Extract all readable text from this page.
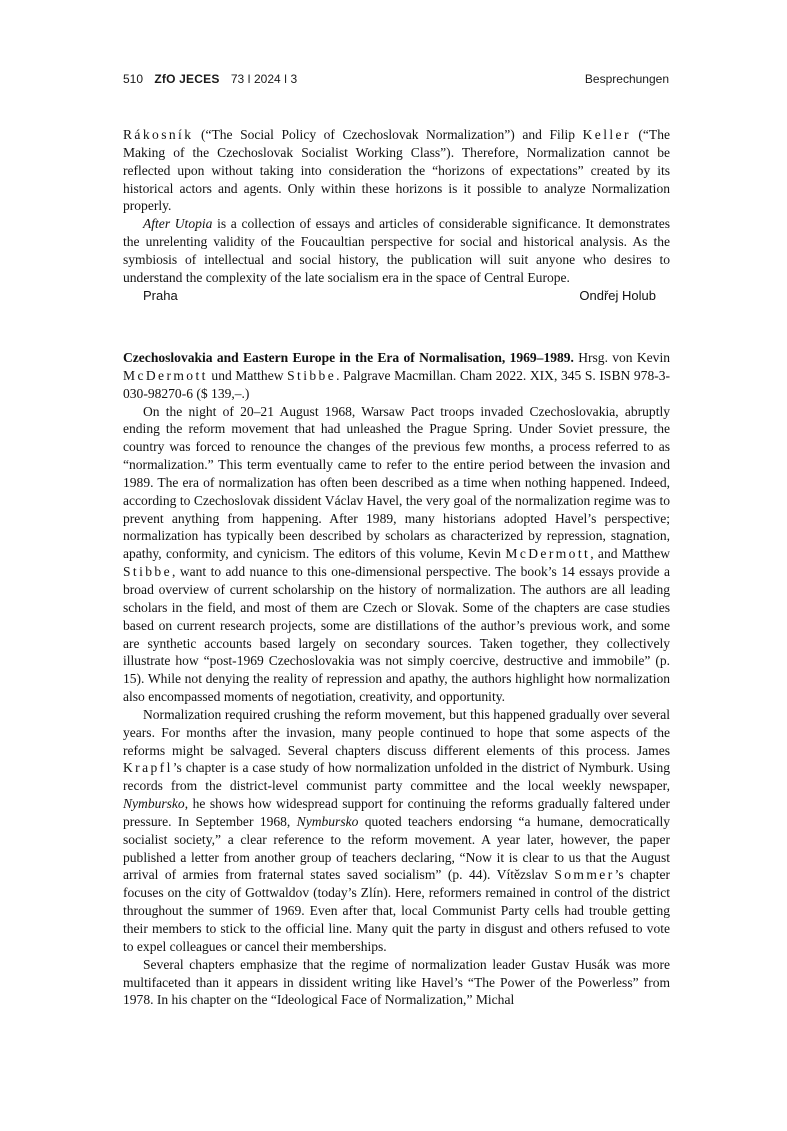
510 ZfO JECES 73 ǀ 2024 ǀ 3	Besprechungen

Rákosník (“The Social Policy of Czechoslovak Normalization”) and Filip Keller (“The Making of the Czechoslovak Socialist Working Class”). Therefore, Normalization cannot be reflected upon without taking into consideration the “horizons of expectations” created by its historical actors and agents. Only within these horizons is it possible to analyze Normalization properly.

After Utopia is a collection of essays and articles of considerable significance. It demonstrates the unrelenting validity of the Foucaultian perspective for social and historical analysis. As the symbiosis of intellectual and social history, the publication will suit anyone who desires to understand the complexity of the late socialism era in the space of Central Europe.

Praha	Ondřej Holub

Czechoslovakia and Eastern Europe in the Era of Normalisation, 1969–1989. Hrsg. von Kevin McDermott und Matthew Stibbe. Palgrave Macmillan. Cham 2022. XIX, 345 S. ISBN 978-3-030-98270-6 ($ 139,–.)

On the night of 20–21 August 1968, Warsaw Pact troops invaded Czechoslovakia, abruptly ending the reform movement that had unleashed the Prague Spring. Under Soviet pressure, the country was forced to renounce the changes of the previous few months, a process referred to as “normalization.” This term eventually came to refer to the entire period between the invasion and 1989. The era of normalization has often been described as a time when nothing happened. Indeed, according to Czechoslovak dissident Václav Havel, the very goal of the normalization regime was to prevent anything from happening. After 1989, many historians adopted Havel’s perspective; normalization has typically been described by scholars as characterized by repression, stagnation, apathy, conformity, and cynicism. The editors of this volume, Kevin McDermott, and Matthew Stibbe, want to add nuance to this one-dimensional perspective. The book’s 14 essays provide a broad overview of current scholarship on the history of normalization. The authors are all leading scholars in the field, and most of them are Czech or Slovak. Some of the chapters are case studies based on current research projects, some are distillations of the author’s previous work, and some are synthetic accounts based largely on secondary sources. Taken together, they collectively illustrate how “post-1969 Czechoslovakia was not simply coercive, destructive and immobile” (p. 15). While not denying the reality of repression and apathy, the authors highlight how normalization also encompassed moments of negotiation, creativity, and opportunity.

Normalization required crushing the reform movement, but this happened gradually over several years. For months after the invasion, many people continued to hope that some aspects of the reforms might be salvaged. Several chapters discuss different elements of this process. James Krapfl’s chapter is a case study of how normalization unfolded in the district of Nymburk. Using records from the district-level communist party committee and the local weekly newspaper, Nymbursko, he shows how widespread support for continuing the reforms gradually faltered under pressure. In September 1968, Nymbursko quoted teachers endorsing “a humane, democratically socialist society,” a clear reference to the reform movement. A year later, however, the paper published a letter from another group of teachers declaring, “Now it is clear to us that the August arrival of armies from fraternal states saved socialism” (p. 44). Vítězslav Sommer’s chapter focuses on the city of Gottwaldov (today’s Zlín). Here, reformers remained in control of the district throughout the summer of 1969. Even after that, local Communist Party cells had trouble getting their members to stick to the official line. Many quit the party in disgust and others refused to vote to expel colleagues or cancel their memberships.

Several chapters emphasize that the regime of normalization leader Gustav Husák was more multifaceted than it appears in dissident writing like Havel’s “The Power of the Powerless” from 1978. In his chapter on the “Ideological Face of Normalization,” Michal
